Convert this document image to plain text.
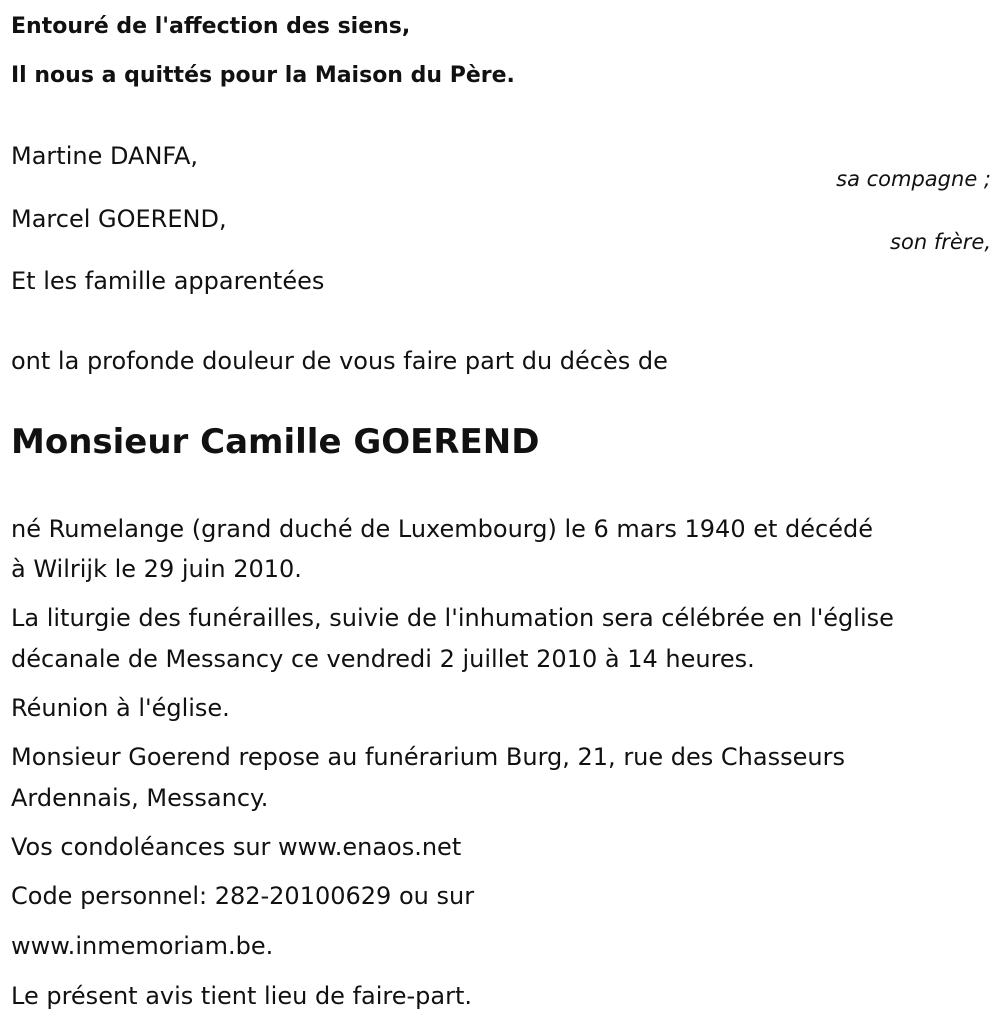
Entouré de l'affection des siens,
Il nous a quittés pour la Maison du Père.
Martine DANFA,
sa compagne ;
Marcel GOEREND,
son frère,
Et les famille apparentées
ont la profonde douleur de vous faire part du décès de
Monsieur Camille GOEREND
né Rumelange (grand duché de Luxembourg) le 6 mars 1940 et décédé
à Wilrijk le 29 juin 2010.
La liturgie des funérailles, suivie de l'inhumation sera célébrée en l'église
décanale de Messancy ce vendredi 2 juillet 2010 à 14 heures.
Réunion à l'église.
Monsieur Goerend repose au funérarium Burg, 21, rue des Chasseurs
Ardennais, Messancy.
Vos condoléances sur www.enaos.net
Code personnel: 282-20100629 ou sur
www.inmemoriam.be.
Le présent avis tient lieu de faire-part.
